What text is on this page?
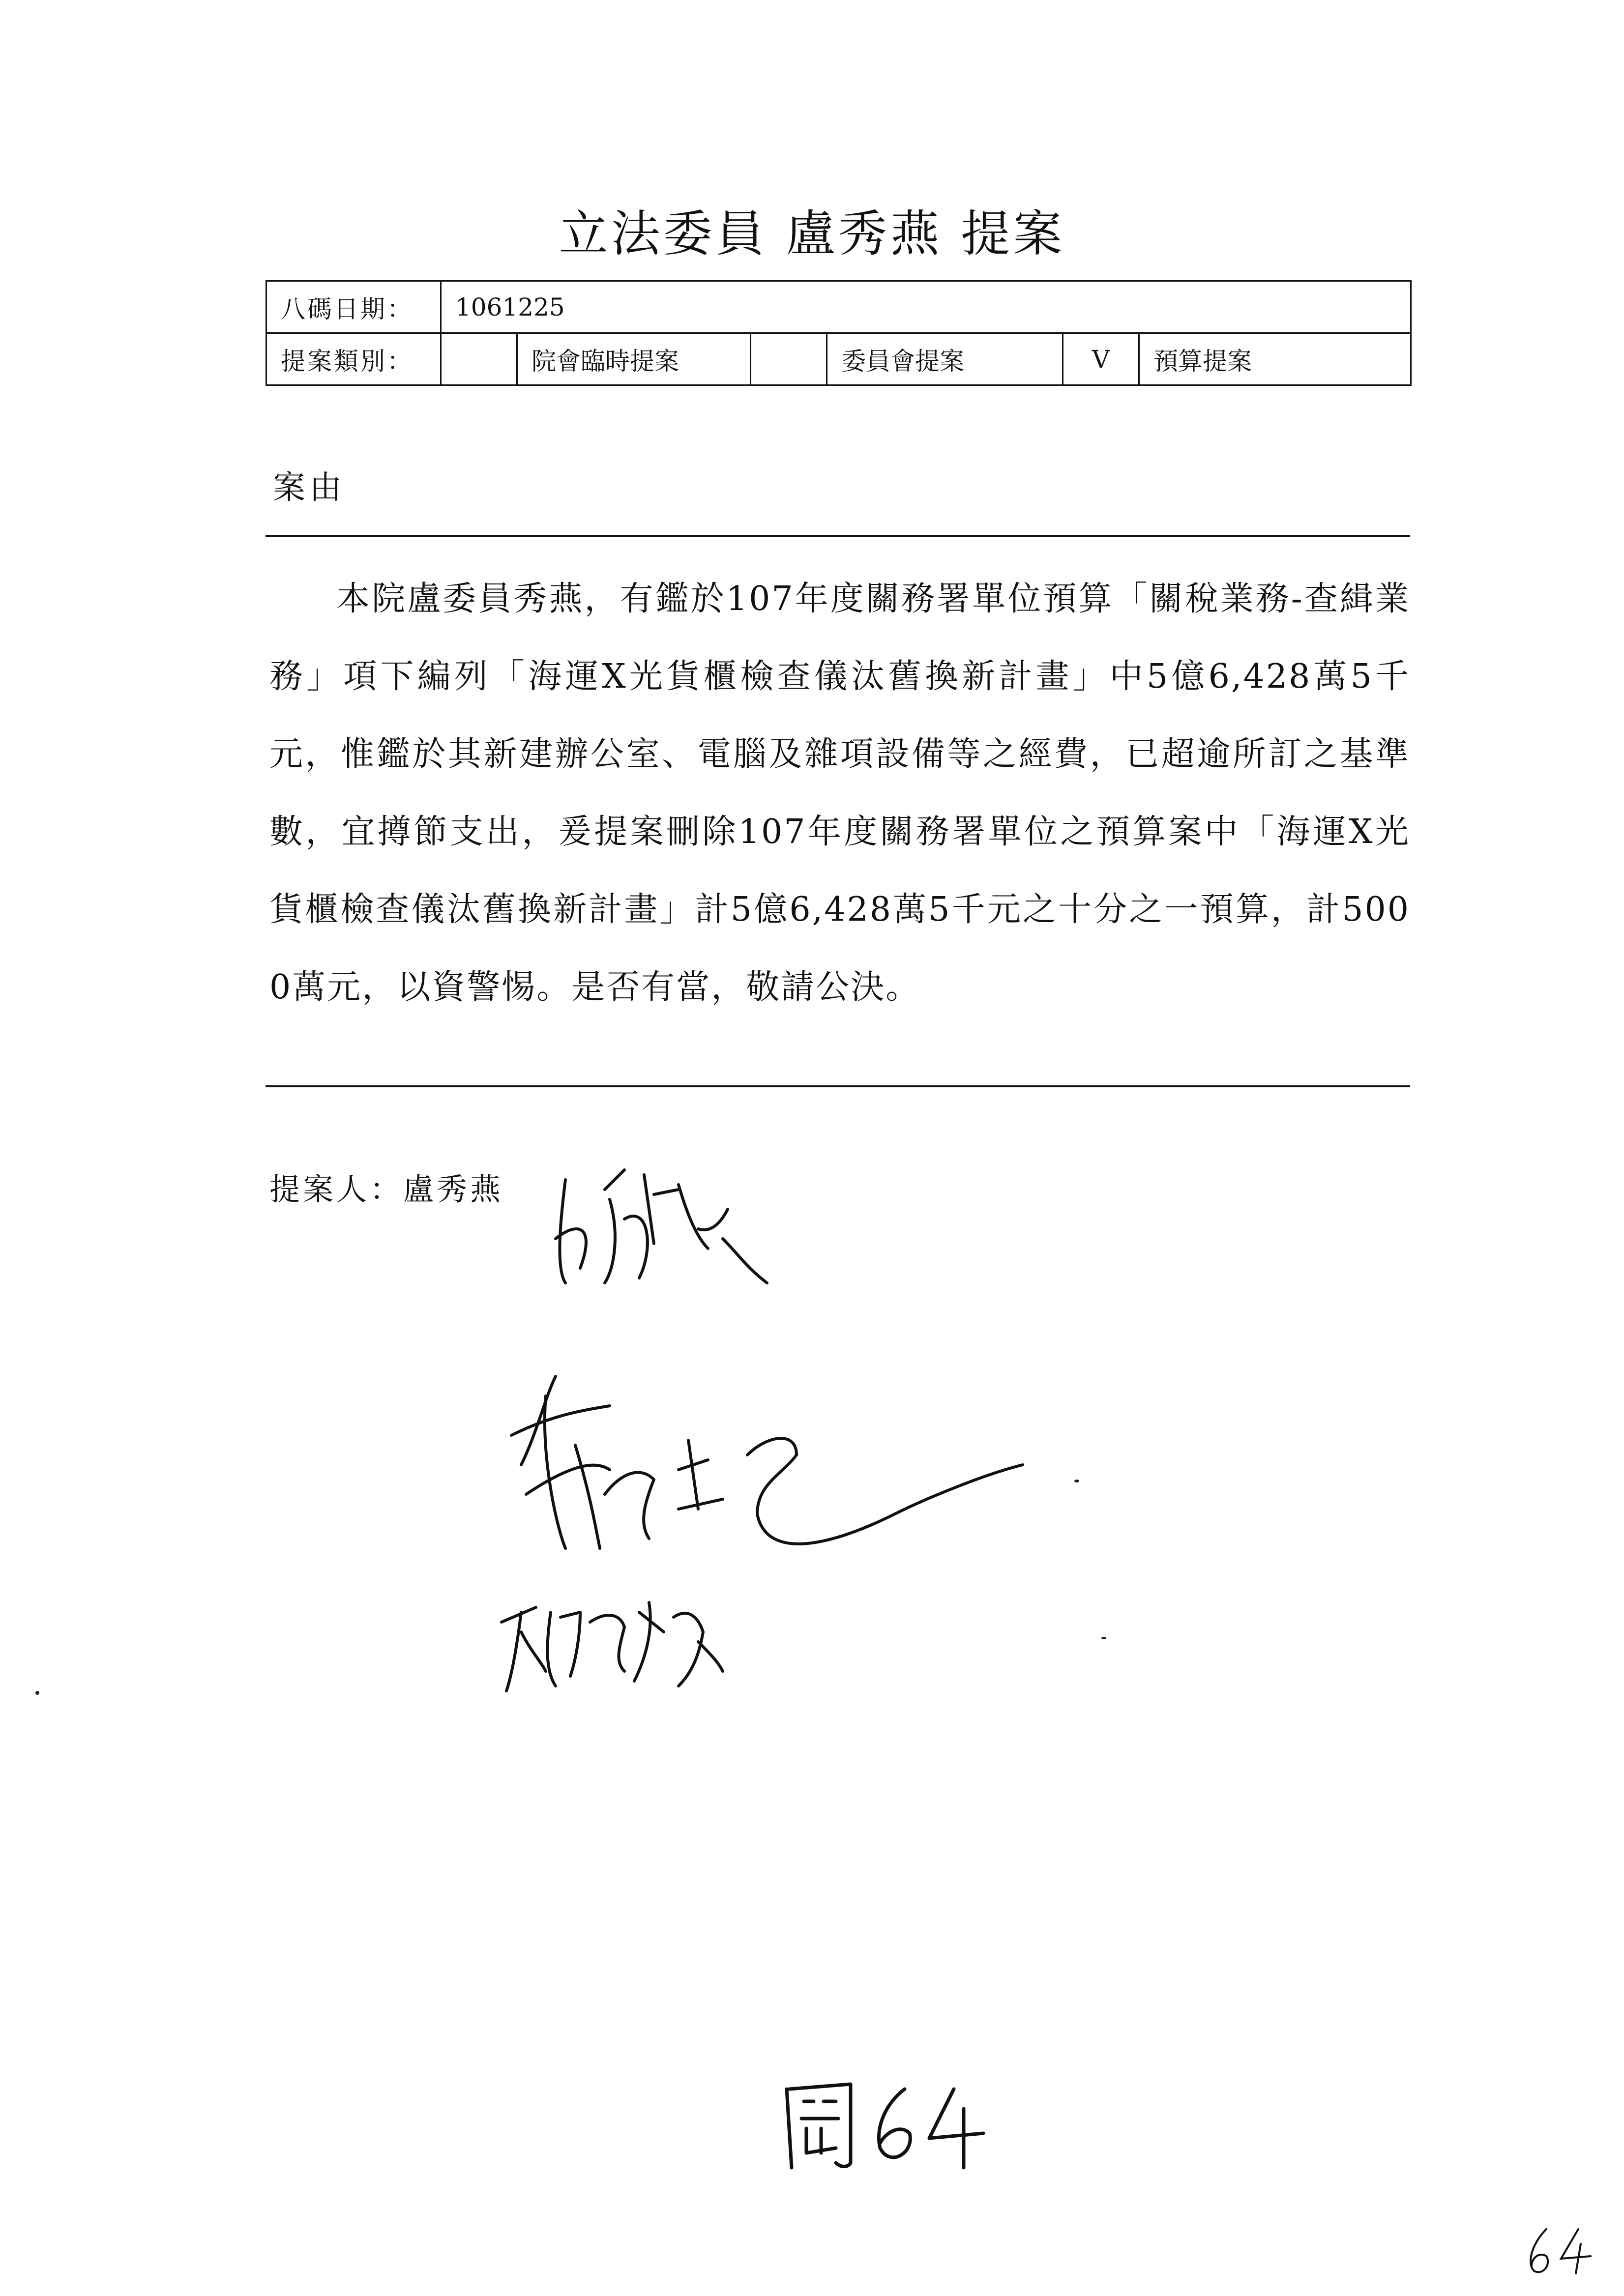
立法委員 盧秀燕 提案
八碼日期：	1061225					
提案類別：		院會臨時提案		委員會提案	V	預算提案
案由

本院盧委員秀燕，有鑑於107年度關務署單位預算「關稅業務-查緝業務」項下編列「海運X光貨櫃檢查儀汰舊換新計畫」中5億6,428萬5千元，惟鑑於其新建辦公室、電腦及雜項設備等之經費，已超逾所訂之基準數，宜撙節支出，爰提案刪除107年度關務署單位之預算案中「海運X光貨櫃檢查儀汰舊換新計畫」計5億6,428萬5千元之十分之一預算，計5000萬元，以資警惕。是否有當，敬請公決。

提案人：盧秀燕
